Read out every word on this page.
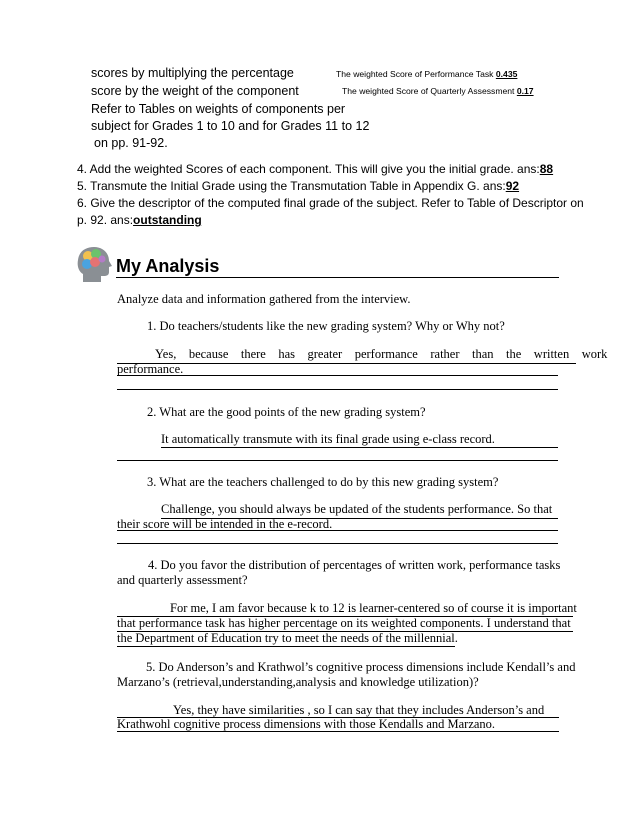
scores by multiplying the percentage
score by the weight of the component
Refer to Tables on weights of components per
subject for Grades 1 to 10 and for Grades 11 to 12
on pp. 91-92.
The weighted Score of Performance Task 0.435
The weighted Score of Quarterly Assessment 0.17
4. Add the weighted Scores of each component. This will give you the initial grade. ans:88
5. Transmute the Initial Grade using the Transmutation Table in Appendix G. ans:92
6. Give the descriptor of the computed final grade of the subject. Refer to Table of Descriptor on
p. 92. ans:outstanding
My Analysis
Analyze data and information gathered from the interview.
1. Do teachers/students like the new grading system? Why or Why not?
Yes,    because    there    has    greater    performance    rather    than    the    written    work
performance.
2. What are the good points of the new grading system?
It automatically transmute with its final grade using e-class record.
3. What are the teachers challenged to do by this new grading system?
Challenge, you should always be updated of the students performance. So that
their score will be intended in the e-record.
4. Do you favor the distribution of percentages of written work, performance tasks
and quarterly assessment?
For me, I am favor because k to 12 is learner-centered so of course it is important
that performance task has higher percentage on its weighted components. I understand that
the Department of Education try to meet the needs of the millennial.
5. Do Anderson’s and Krathwol’s cognitive process dimensions include Kendall’s and
Marzano’s (retrieval,understanding,analysis and knowledge utilization)?
Yes, they have similarities , so I can say that they includes Anderson’s and
Krathwohl cognitive process dimensions with those Kendalls and Marzano.
